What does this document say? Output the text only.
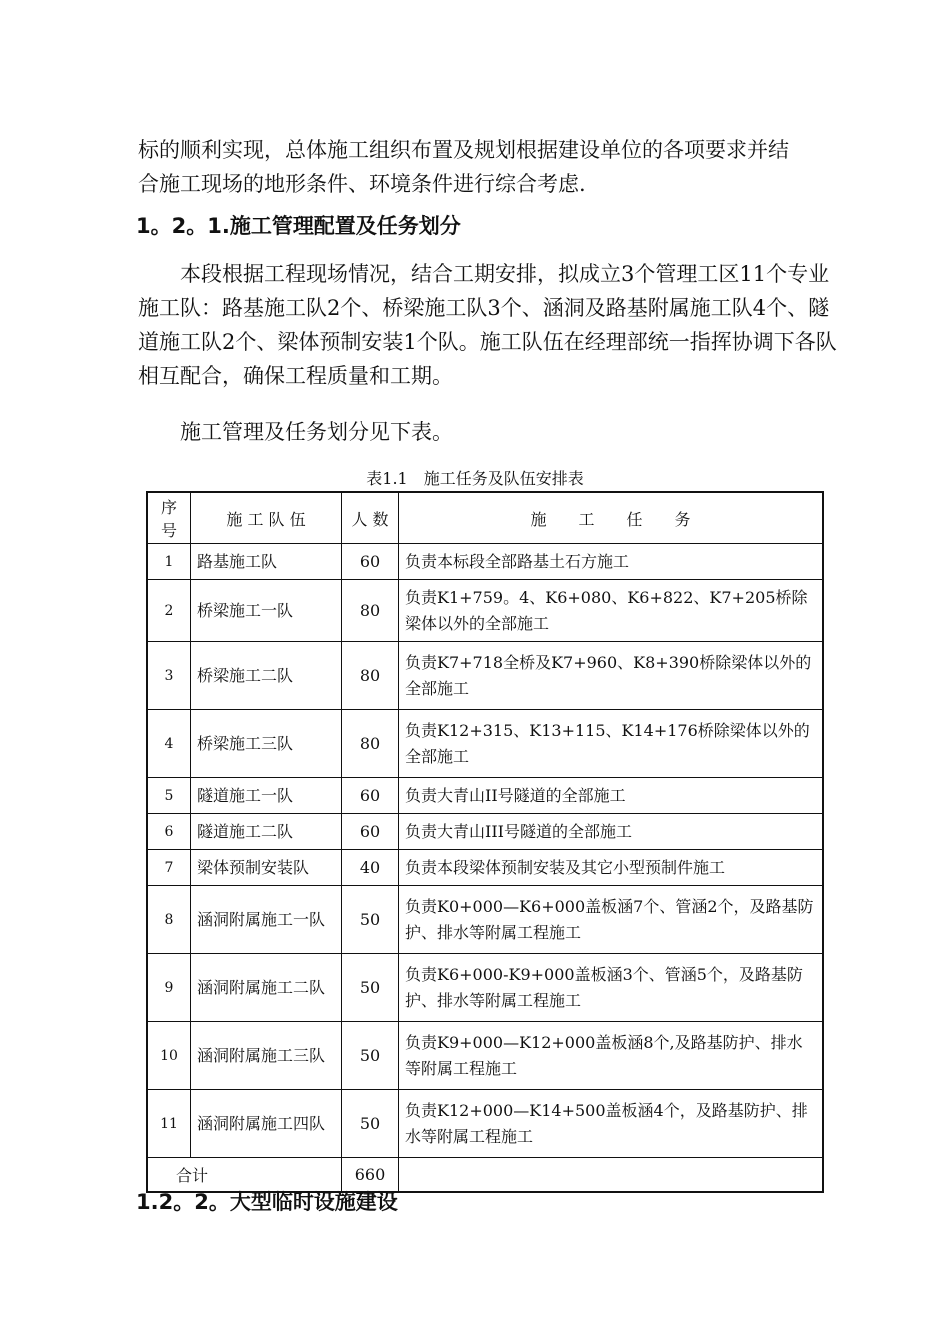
标的顺利实现，总体施工组织布置及规划根据建设单位的各项要求并结

合施工现场的地形条件、环境条件进行综合考虑.

1。2。1.施工管理配置及任务划分

本段根据工程现场情况，结合工期安排，拟成立3个管理工区11个专业施工队：路基施工队2个、桥梁施工队3个、涵洞及路基附属施工队4个、隧道施工队2个、梁体预制安装1个队。施工队伍在经理部统一指挥协调下各队相互配合，确保工程质量和工期。

施工管理及任务划分见下表。

表1.1　施工任务及队伍安排表
序号	施 工 队 伍	人 数	施　　工　　任　　务
1	路基施工队	60	负责本标段全部路基土石方施工
2	桥梁施工一队	80	负责K1+759。4、K6+080、K6+822、K7+205桥除梁体以外的全部施工
3	桥梁施工二队	80	负责K7+718全桥及K7+960、K8+390桥除梁体以外的全部施工
4	桥梁施工三队	80	负责K12+315、K13+115、K14+176桥除梁体以外的全部施工
5	隧道施工一队	60	负责大青山II号隧道的全部施工
6	隧道施工二队	60	负责大青山III号隧道的全部施工
7	梁体预制安装队	40	负责本段梁体预制安装及其它小型预制件施工
8	涵洞附属施工一队	50	负责K0+000—K6+000盖板涵7个、管涵2个，及路基防护、排水等附属工程施工
9	涵洞附属施工二队	50	负责K6+000-K9+000盖板涵3个、管涵5个，及路基防护、排水等附属工程施工
10	涵洞附属施工三队	50	负责K9+000—K12+000盖板涵8个,及路基防护、排水等附属工程施工
11	涵洞附属施工四队	50	负责K12+000—K14+500盖板涵4个，及路基防护、排水等附属工程施工
合计		660	

1.2。2。大型临时设施建设
